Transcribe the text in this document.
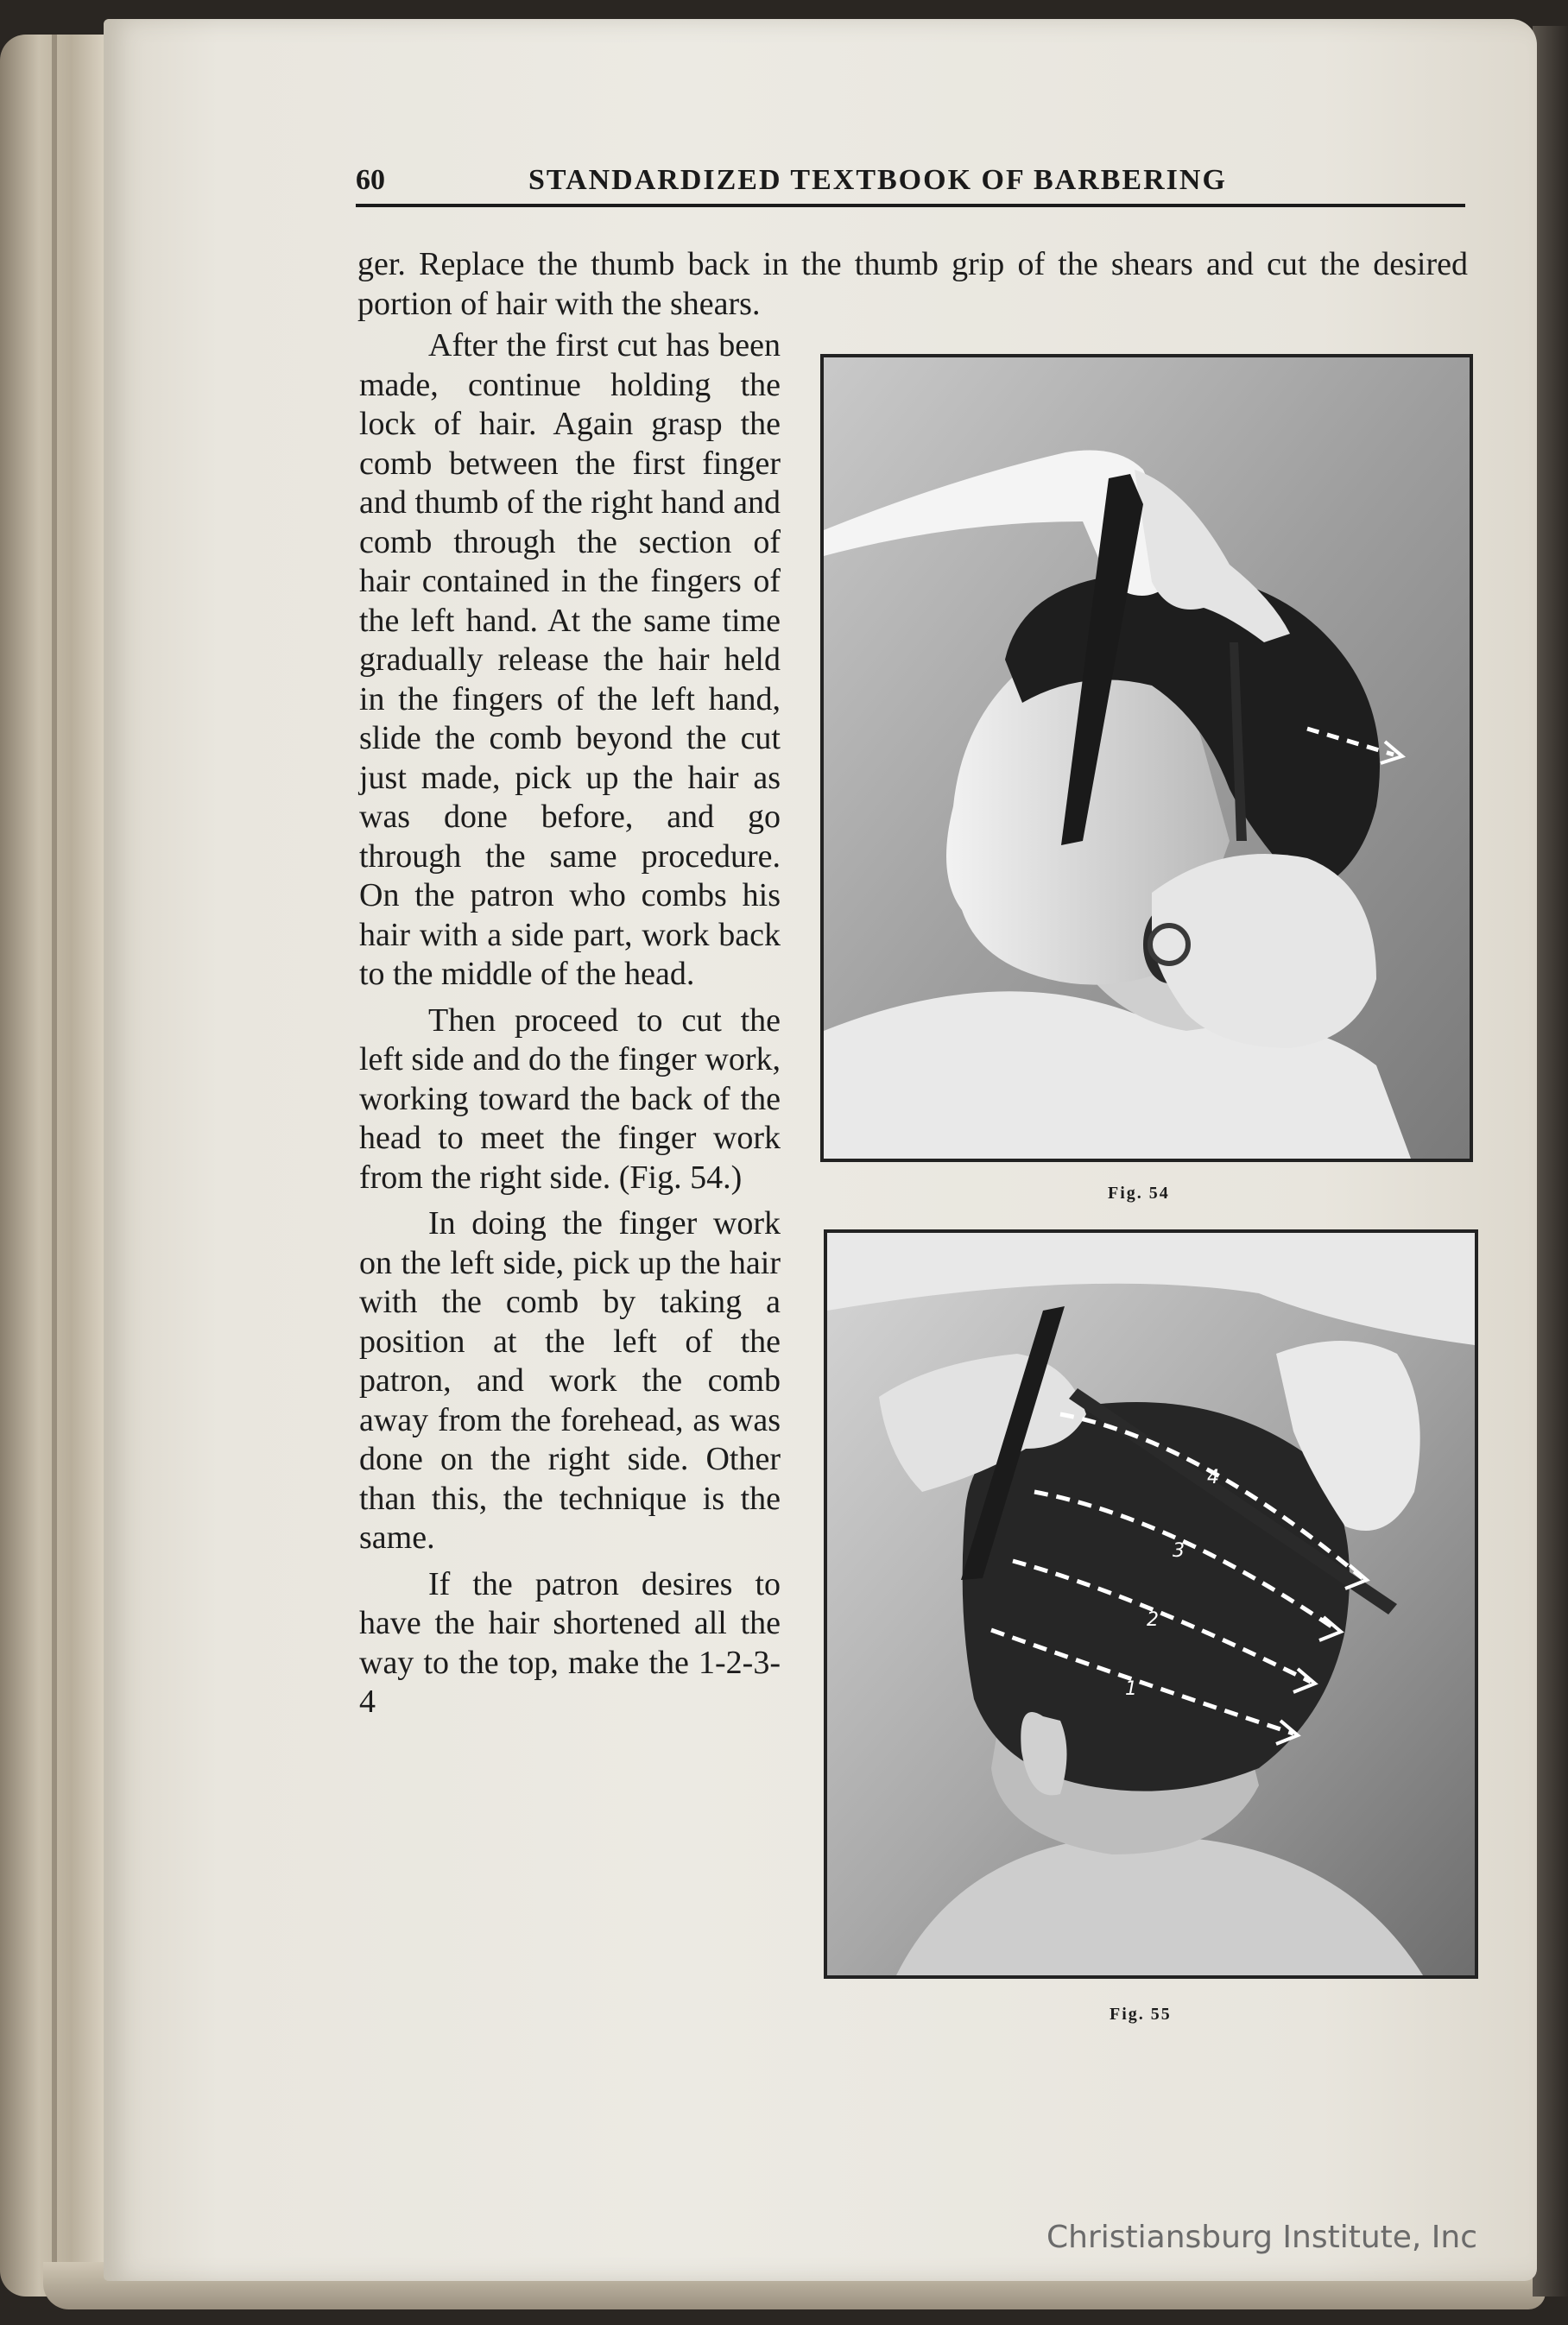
60	STANDARDIZED TEXTBOOK OF BARBERING

ger. Replace the thumb back in the thumb grip of the shears and cut the desired portion of hair with the shears.

After the first cut has been made, continue holding the lock of hair. Again grasp the comb between the first finger and thumb of the right hand and comb through the section of hair contained in the fingers of the left hand. At the same time gradually release the hair held in the fingers of the left hand, slide the comb beyond the cut just made, pick up the hair as was done before, and go through the same procedure. On the patron who combs his hair with a side part, work back to the middle of the head.

Then proceed to cut the left side and do the finger work, working toward the back of the head to meet the finger work from the right side. (Fig. 54.)

In doing the finger work on the left side, pick up the hair with the comb by taking a position at the left of the patron, and work the comb away from the forehead, as was done on the right side. Other than this, the technique is the same.

If the patron desires to have the hair shortened all the way to the top, make the 1-2-3-4

Fig. 54
1
2
3
4
Fig. 55
Christiansburg Institute, Inc
